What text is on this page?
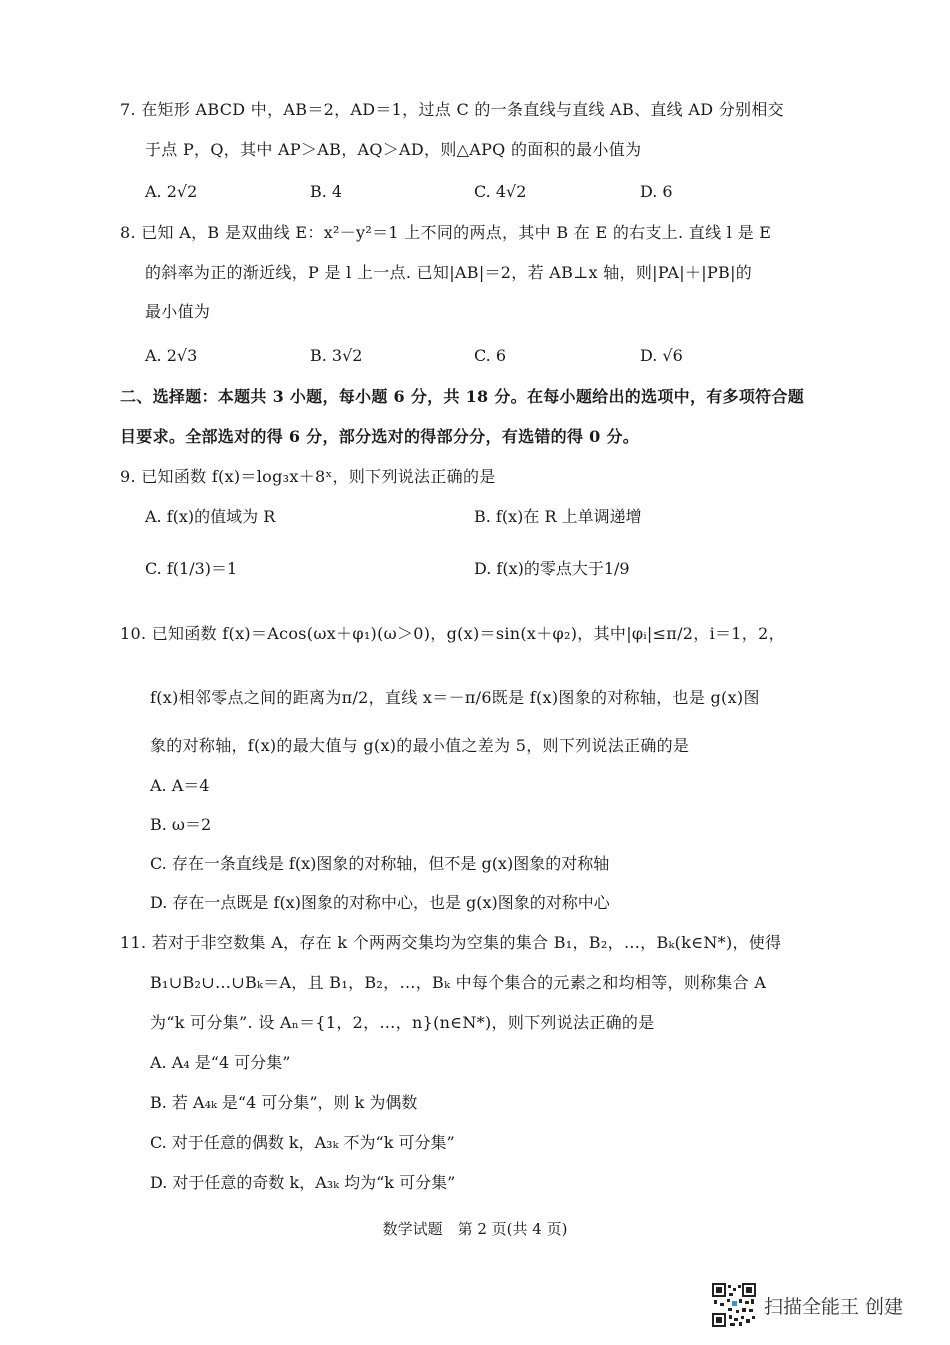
7. 在矩形 ABCD 中，AB＝2，AD＝1，过点 C 的一条直线与直线 AB、直线 AD 分别相交
于点 P，Q，其中 AP＞AB，AQ＞AD，则△APQ 的面积的最小值为
A. 2√2	B. 4	C. 4√2	D. 6
8. 已知 A，B 是双曲线 E：x²－y²＝1 上不同的两点，其中 B 在 E 的右支上. 直线 l 是 E
的斜率为正的渐近线，P 是 l 上一点. 已知|AB|＝2，若 AB⊥x 轴，则|PA|＋|PB|的
最小值为
A. 2√3	B. 3√2	C. 6	D. √6
二、选择题：本题共 3 小题，每小题 6 分，共 18 分。在每小题给出的选项中，有多项符合题
目要求。全部选对的得 6 分，部分选对的得部分分，有选错的得 0 分。
9. 已知函数 f(x)＝log₃x＋8ˣ，则下列说法正确的是
A. f(x)的值域为 R	B. f(x)在 R 上单调递增
C. f(1/3)＝1	D. f(x)的零点大于1/9
10. 已知函数 f(x)＝Acos(ωx＋φ₁)(ω＞0)，g(x)＝sin(x＋φ₂)，其中|φᵢ|≤π/2，i＝1，2，
f(x)相邻零点之间的距离为π/2，直线 x＝－π/6既是 f(x)图象的对称轴，也是 g(x)图
象的对称轴，f(x)的最大值与 g(x)的最小值之差为 5，则下列说法正确的是
A. A＝4
B. ω＝2
C. 存在一条直线是 f(x)图象的对称轴，但不是 g(x)图象的对称轴
D. 存在一点既是 f(x)图象的对称中心，也是 g(x)图象的对称中心
11. 若对于非空数集 A，存在 k 个两两交集均为空集的集合 B₁，B₂，…，Bₖ(k∈N*)，使得
B₁∪B₂∪…∪Bₖ＝A，且 B₁，B₂，…，Bₖ 中每个集合的元素之和均相等，则称集合 A
为“k 可分集”. 设 Aₙ＝{1，2，…，n}(n∈N*)，则下列说法正确的是
A. A₄ 是“4 可分集”
B. 若 A₄ₖ 是“4 可分集”，则 k 为偶数
C. 对于任意的偶数 k，A₃ₖ 不为“k 可分集”
D. 对于任意的奇数 k，A₃ₖ 均为“k 可分集”
数学试题　第 2 页(共 4 页)
扫描全能王 创建
